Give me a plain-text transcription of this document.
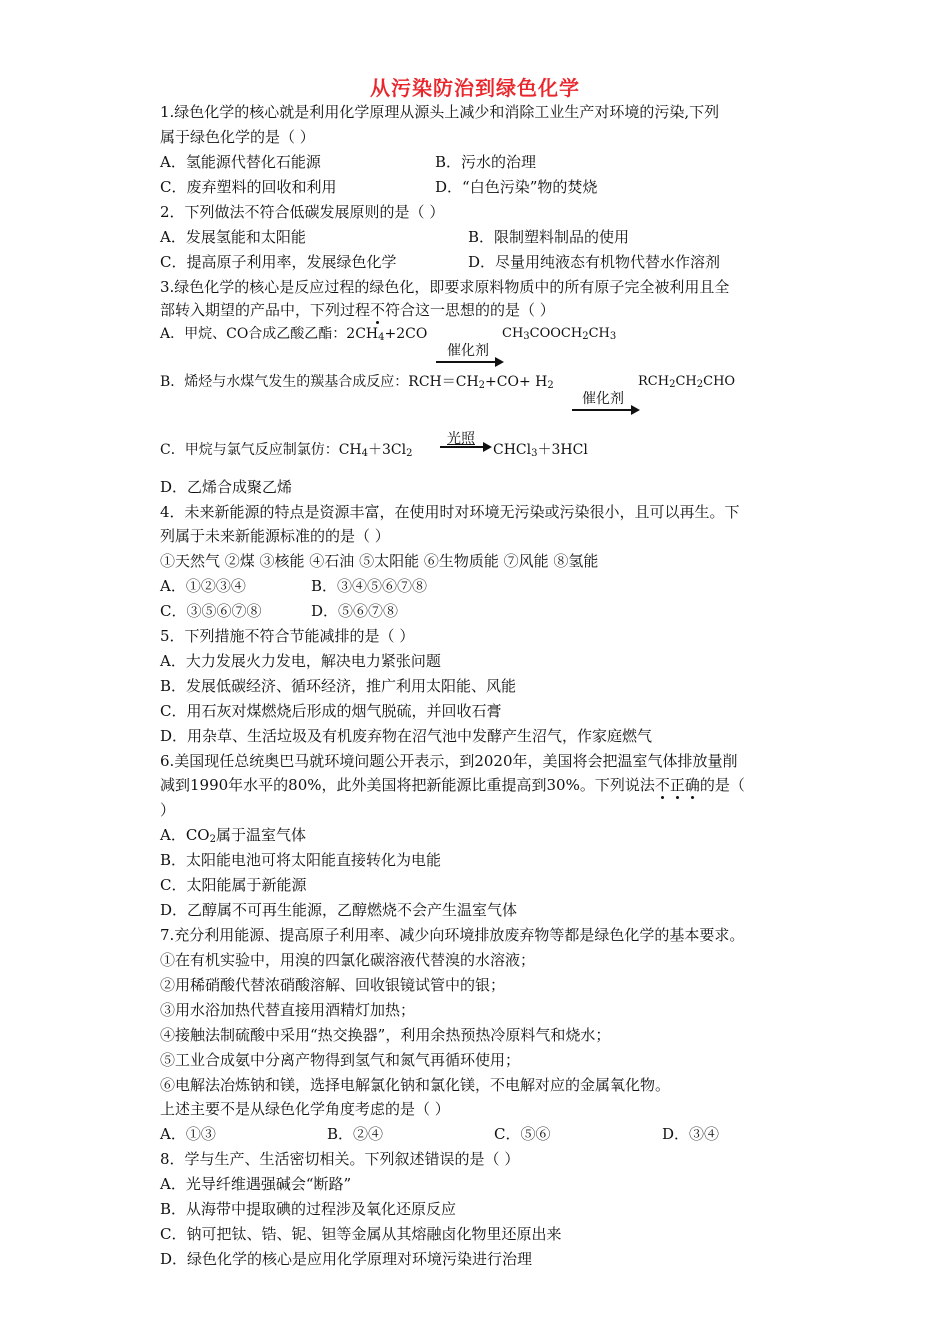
从污染防治到绿色化学
1.绿色化学的核心就是利用化学原理从源头上减少和消除工业生产对环境的污染,下列
属于绿色化学的是（ ）
A．氢能源代替化石能源	B．污水的治理
C．废弃塑料的回收和利用	D．“白色污染”物的焚烧
2．下列做法不符合低碳发展原则的是（ ）
A．发展氢能和太阳能	B．限制塑料制品的使用
C．提高原子利用率，发展绿色化学	D．尽量用纯液态有机物代替水作溶剂
3.绿色化学的核心是反应过程的绿色化，即要求原料物质中的所有原子完全被利用且全
部转入期望的产品中，下列过程不符合这一思想的的是（ ）
A．甲烷、CO合成乙酸乙酯：$2CH_4+2CO$	$CH_3COOCH_2CH_3$
催化剂
B．烯烃与水煤气发生的羰基合成反应：$RCH=CH_2+CO+ H_2$	$RCH_2CH_2CHO$
催化剂
光照
C．甲烷与氯气反应制氯仿：$CH_4+3Cl_2$	CHCl$_3$＋3HCl
D．乙烯合成聚乙烯
4．未来新能源的特点是资源丰富，在使用时对环境无污染或污染很小，且可以再生。下
列属于未来新能源标准的的是（ ）
①天然气 ②煤 ③核能 ④石油 ⑤太阳能 ⑥生物质能 ⑦风能 ⑧氢能
A．①②③④	B．③④⑤⑥⑦⑧
C．③⑤⑥⑦⑧	D．⑤⑥⑦⑧
5．下列措施不符合节能减排的是（ ）
A．大力发展火力发电，解决电力紧张问题
B．发展低碳经济、循环经济，推广利用太阳能、风能
C．用石灰对煤燃烧后形成的烟气脱硫，并回收石膏
D．用杂草、生活垃圾及有机废弃物在沼气池中发酵产生沼气，作家庭燃气
6.美国现任总统奥巴马就环境问题公开表示，到2020年，美国将会把温室气体排放量削
减到1990年水平的80%，此外美国将把新能源比重提高到30%。下列说法不正确的是（
）
A．$CO_2$属于温室气体
B．太阳能电池可将太阳能直接转化为电能
C．太阳能属于新能源
D．乙醇属不可再生能源，乙醇燃烧不会产生温室气体
7.充分利用能源、提高原子利用率、减少向环境排放废弃物等都是绿色化学的基本要求。
①在有机实验中，用溴的四氯化碳溶液代替溴的水溶液；
②用稀硝酸代替浓硝酸溶解、回收银镜试管中的银；
③用水浴加热代替直接用酒精灯加热；
④接触法制硫酸中采用“热交换器”，利用余热预热冷原料气和烧水；
⑤工业合成氨中分离产物得到氢气和氮气再循环使用；
⑥电解法冶炼钠和镁，选择电解氯化钠和氯化镁，不电解对应的金属氧化物。
上述主要不是从绿色化学角度考虑的是（ ）
A．①③	B．②④	C．⑤⑥	D．③④
8．学与生产、生活密切相关。下列叙述错误的是（ ）
A．光导纤维遇强碱会“断路”
B．从海带中提取碘的过程涉及氧化还原反应
C．钠可把钛、锆、铌、钽等金属从其熔融卤化物里还原出来
D．绿色化学的核心是应用化学原理对环境污染进行治理
